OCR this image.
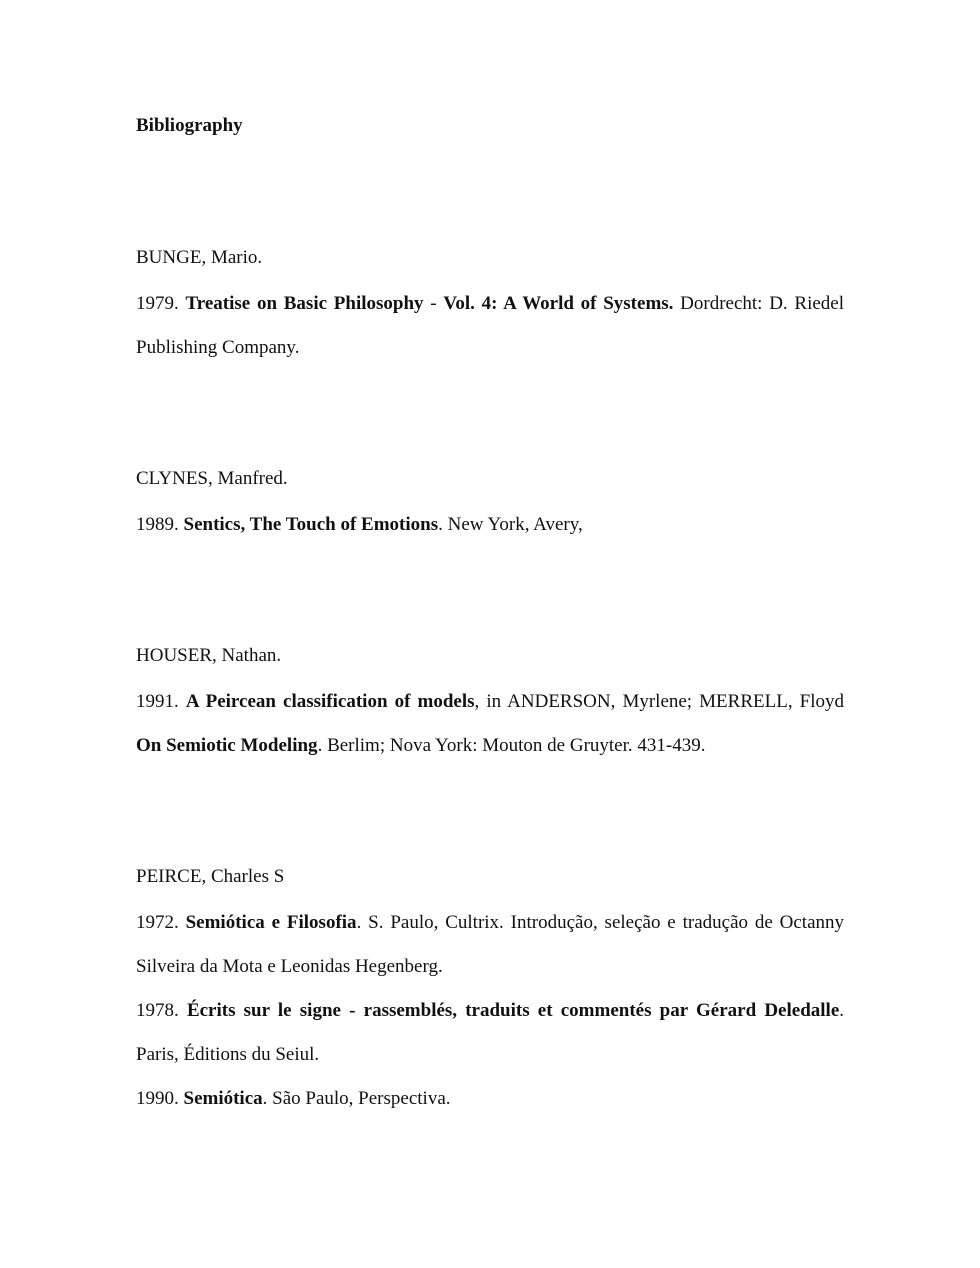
Bibliography

BUNGE, Mario.

1979. Treatise on Basic Philosophy - Vol. 4: A World of Systems. Dordrecht: D. Riedel Publishing Company.

CLYNES, Manfred.

1989. Sentics, The Touch of Emotions. New York, Avery,

HOUSER, Nathan.

1991. A Peircean classification of models, in ANDERSON, Myrlene; MERRELL, Floyd On Semiotic Modeling. Berlim; Nova York: Mouton de Gruyter. 431-439.

PEIRCE, Charles S

1972. Semiótica e Filosofia. S. Paulo, Cultrix. Introdução, seleção e tradução de Octanny Silveira da Mota e Leonidas Hegenberg.

1978. Écrits sur le signe - rassemblés, traduits et commentés par Gérard Deledalle. Paris, Éditions du Seiul.

1990. Semiótica. São Paulo, Perspectiva.
